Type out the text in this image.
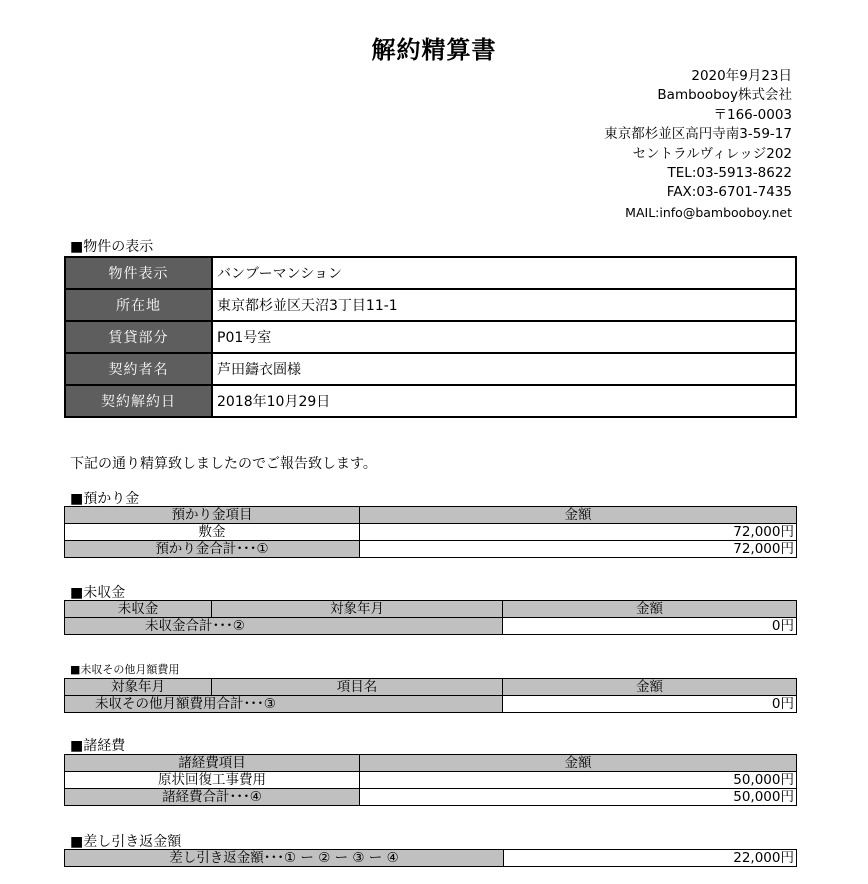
解約精算書
2020年9月23日
Bambooboy株式会社
〒166-0003
東京都杉並区高円寺南3-59-17
セントラルヴィレッジ202
TEL:03-5913-8622
FAX:03-6701-7435
MAIL:info@bambooboy.net
■物件の表示
物件表示	バンブーマンション
所在地	東京都杉並区天沼3丁目11-1
賃貸部分	P01号室
契約者名	芦田鑄衣圄様
契約解約日	2018年10月29日
下記の通り精算致しましたのでご報告致します。
■預かり金
預かり金項目	金額
敷金	72,000円
預かり金合計･･･①	72,000円
■未収金
未収金	対象年月	金額
未収金合計･･･②		0円
■未収その他月額費用
対象年月	項目名	金額
未収その他月額費用合計･･･③		0円
■諸経費
諸経費項目	金額
原状回復工事費用	50,000円
諸経費合計･･･④	50,000円
■差し引き返金額
差し引き返金額･･･① ー ② ー ③ ー ④	22,000円
